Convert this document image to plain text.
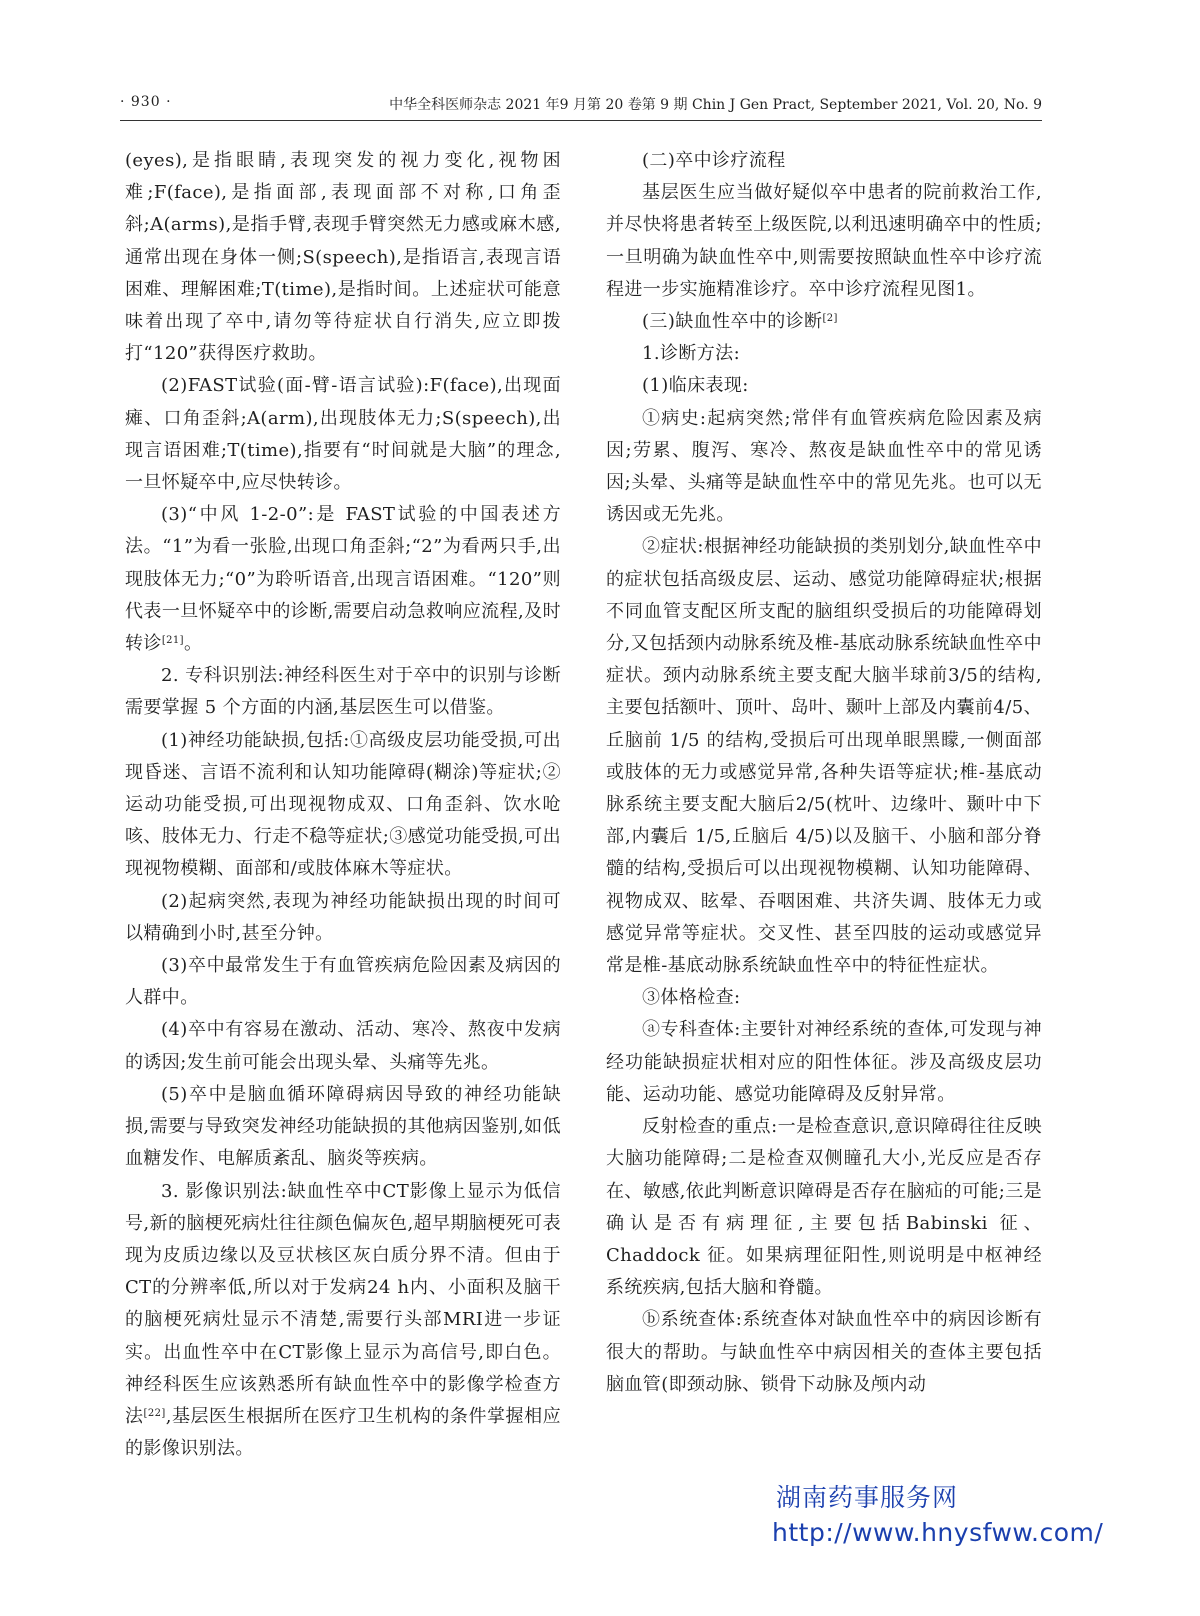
· 930 ·	中华全科医师杂志 2021 年9 月第 20 卷第 9 期 Chin J Gen Pract, September 2021, Vol. 20, No. 9

(eyes),是指眼睛,表现突发的视力变化,视物困难;F(face),是指面部,表现面部不对称,口角歪斜;A(arms),是指手臂,表现手臂突然无力感或麻木感,通常出现在身体一侧;S(speech),是指语言,表现言语困难、理解困难;T(time),是指时间。上述症状可能意味着出现了卒中,请勿等待症状自行消失,应立即拨打“120”获得医疗救助。

(2)FAST试验(面-臂-语言试验):F(face),出现面瘫、口角歪斜;A(arm),出现肢体无力;S(speech),出现言语困难;T(time),指要有“时间就是大脑”的理念,一旦怀疑卒中,应尽快转诊。

(3)“中风 1-2-0”:是 FAST试验的中国表述方法。“1”为看一张脸,出现口角歪斜;“2”为看两只手,出现肢体无力;“0”为聆听语音,出现言语困难。“120”则代表一旦怀疑卒中的诊断,需要启动急救响应流程,及时转诊[21]。

2. 专科识别法:神经科医生对于卒中的识别与诊断需要掌握 5 个方面的内涵,基层医生可以借鉴。

(1)神经功能缺损,包括:①高级皮层功能受损,可出现昏迷、言语不流利和认知功能障碍(糊涂)等症状;②运动功能受损,可出现视物成双、口角歪斜、饮水呛咳、肢体无力、行走不稳等症状;③感觉功能受损,可出现视物模糊、面部和/或肢体麻木等症状。

(2)起病突然,表现为神经功能缺损出现的时间可以精确到小时,甚至分钟。

(3)卒中最常发生于有血管疾病危险因素及病因的人群中。

(4)卒中有容易在激动、活动、寒冷、熬夜中发病的诱因;发生前可能会出现头晕、头痛等先兆。

(5)卒中是脑血循环障碍病因导致的神经功能缺损,需要与导致突发神经功能缺损的其他病因鉴别,如低血糖发作、电解质紊乱、脑炎等疾病。

3. 影像识别法:缺血性卒中CT影像上显示为低信号,新的脑梗死病灶往往颜色偏灰色,超早期脑梗死可表现为皮质边缘以及豆状核区灰白质分界不清。但由于CT的分辨率低,所以对于发病24 h内、小面积及脑干的脑梗死病灶显示不清楚,需要行头部MRI进一步证实。出血性卒中在CT影像上显示为高信号,即白色。神经科医生应该熟悉所有缺血性卒中的影像学检查方法[22],基层医生根据所在医疗卫生机构的条件掌握相应的影像识别法。

(二)卒中诊疗流程

基层医生应当做好疑似卒中患者的院前救治工作,并尽快将患者转至上级医院,以利迅速明确卒中的性质;一旦明确为缺血性卒中,则需要按照缺血性卒中诊疗流程进一步实施精准诊疗。卒中诊疗流程见图1。

(三)缺血性卒中的诊断[2]

1.诊断方法:

(1)临床表现:

①病史:起病突然;常伴有血管疾病危险因素及病因;劳累、腹泻、寒冷、熬夜是缺血性卒中的常见诱因;头晕、头痛等是缺血性卒中的常见先兆。也可以无诱因或无先兆。

②症状:根据神经功能缺损的类别划分,缺血性卒中的症状包括高级皮层、运动、感觉功能障碍症状;根据不同血管支配区所支配的脑组织受损后的功能障碍划分,又包括颈内动脉系统及椎-基底动脉系统缺血性卒中症状。颈内动脉系统主要支配大脑半球前3/5的结构,主要包括额叶、顶叶、岛叶、颞叶上部及内囊前4/5、丘脑前 1/5 的结构,受损后可出现单眼黑矇,一侧面部或肢体的无力或感觉异常,各种失语等症状;椎-基底动脉系统主要支配大脑后2/5(枕叶、边缘叶、颞叶中下部,内囊后 1/5,丘脑后 4/5)以及脑干、小脑和部分脊髓的结构,受损后可以出现视物模糊、认知功能障碍、视物成双、眩晕、吞咽困难、共济失调、肢体无力或感觉异常等症状。交叉性、甚至四肢的运动或感觉异常是椎-基底动脉系统缺血性卒中的特征性症状。

③体格检查:

ⓐ专科查体:主要针对神经系统的查体,可发现与神经功能缺损症状相对应的阳性体征。涉及高级皮层功能、运动功能、感觉功能障碍及反射异常。

反射检查的重点:一是检查意识,意识障碍往往反映大脑功能障碍;二是检查双侧瞳孔大小,光反应是否存在、敏感,依此判断意识障碍是否存在脑疝的可能;三是确认是否有病理征,主要包括Babinski 征、Chaddock 征。如果病理征阳性,则说明是中枢神经系统疾病,包括大脑和脊髓。

ⓑ系统查体:系统查体对缺血性卒中的病因诊断有很大的帮助。与缺血性卒中病因相关的查体主要包括脑血管(即颈动脉、锁骨下动脉及颅内动

湖南药事服务网
http://www.hnysfww.com/
